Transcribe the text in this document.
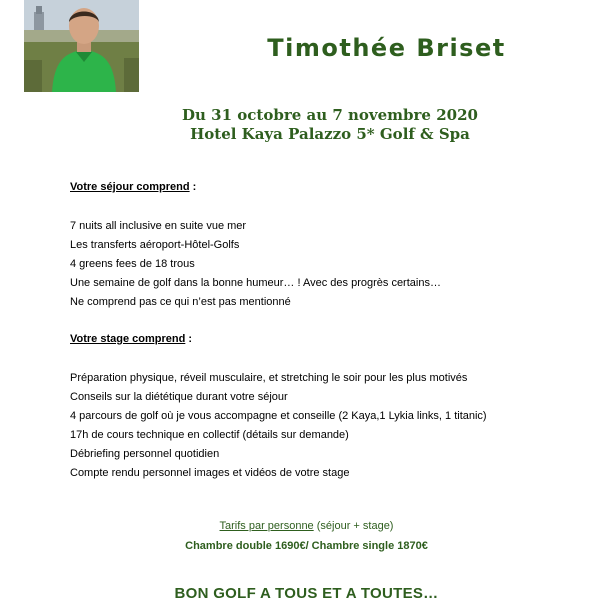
Timothée Briset
Du 31 octobre au 7 novembre 2020
Hotel Kaya Palazzo 5* Golf & Spa
Votre séjour comprend :
7 nuits all inclusive en suite vue mer
Les transferts aéroport-Hôtel-Golfs
4 greens fees de 18 trous
Une semaine de golf dans la bonne humeur… ! Avec des progrès certains…
Ne comprend pas ce qui n’est pas mentionné
Votre stage comprend :
Préparation physique, réveil musculaire, et stretching le soir pour les plus motivés
Conseils sur la diététique durant votre séjour
4 parcours de golf où je vous accompagne et conseille (2 Kaya,1 Lykia links, 1 titanic)
17h de cours technique en collectif (détails sur demande)
Débriefing personnel quotidien
Compte rendu personnel images et vidéos de votre stage
Tarifs par personne (séjour + stage)
Chambre double 1690€/ Chambre single 1870€
BON GOLF A TOUS ET A TOUTES…
